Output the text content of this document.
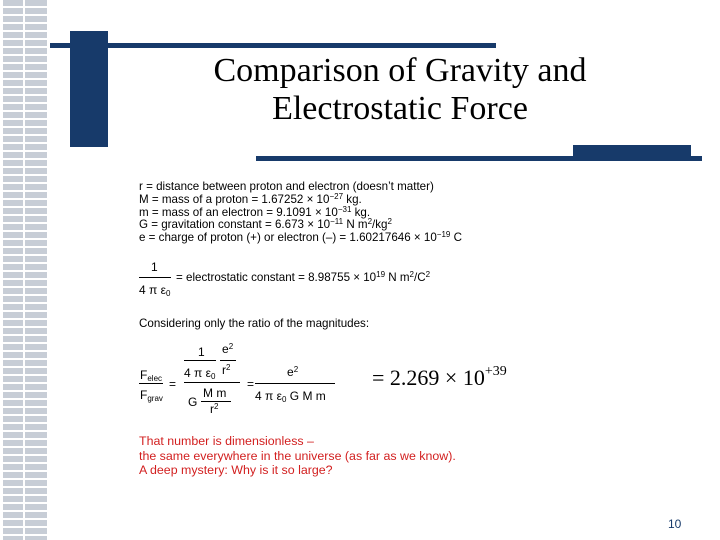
Comparison of Gravity and
Electrostatic Force
r = distance between proton and electron (doesn’t matter)
M = mass of a proton = $1.67252 \times 10^{-27}$ kg.
m = mass of an electron = $9.1091 \times 10^{-31}$ kg.
G = gravitation constant = $6.673 \times 10^{-11}$ N $m^2/kg^2$
e = charge of proton (+) or electron (–) = $1.60217646 \times 10^{-19}$ C
1
4 π $\varepsilon_0$
= electrostatic constant = $8.98755 \times 10^{19}$ N $m^2/C^2$
Considering only the ratio of the magnitudes:
$F_{elec}$
$F_{grav}$
=
1 $e^2$
4 π $\varepsilon_0$ $r^2$
G
M m
$r^2$
=
$e^2$
4 π $\varepsilon_0$ G M m
= $2.269 \times 10^{+39}$
That number is dimensionless –
the same everywhere in the universe (as far as we know).
A deep mystery: Why is it so large?
10
